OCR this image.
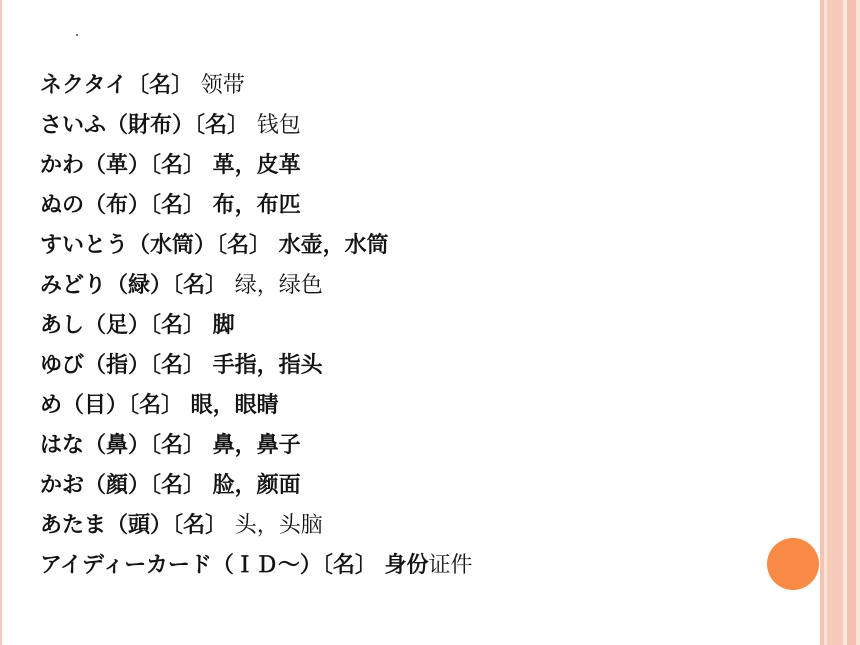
ネクタイ〔名〕 领带
さいふ（財布）〔名〕 钱包
かわ（革）〔名〕 革，皮革
ぬの（布）〔名〕 布，布匹
すいとう（水筒）〔名〕 水壶，水筒
みどり（緑）〔名〕 绿，绿色
あし（足）〔名〕 脚
ゆび（指）〔名〕 手指，指头
め（目）〔名〕 眼，眼睛
はな（鼻）〔名〕 鼻，鼻子
かお（顔）〔名〕 脸，颜面
あたま（頭）〔名〕 头，头脑
アイディーカード（ＩＤ～）〔名〕 身份证件
